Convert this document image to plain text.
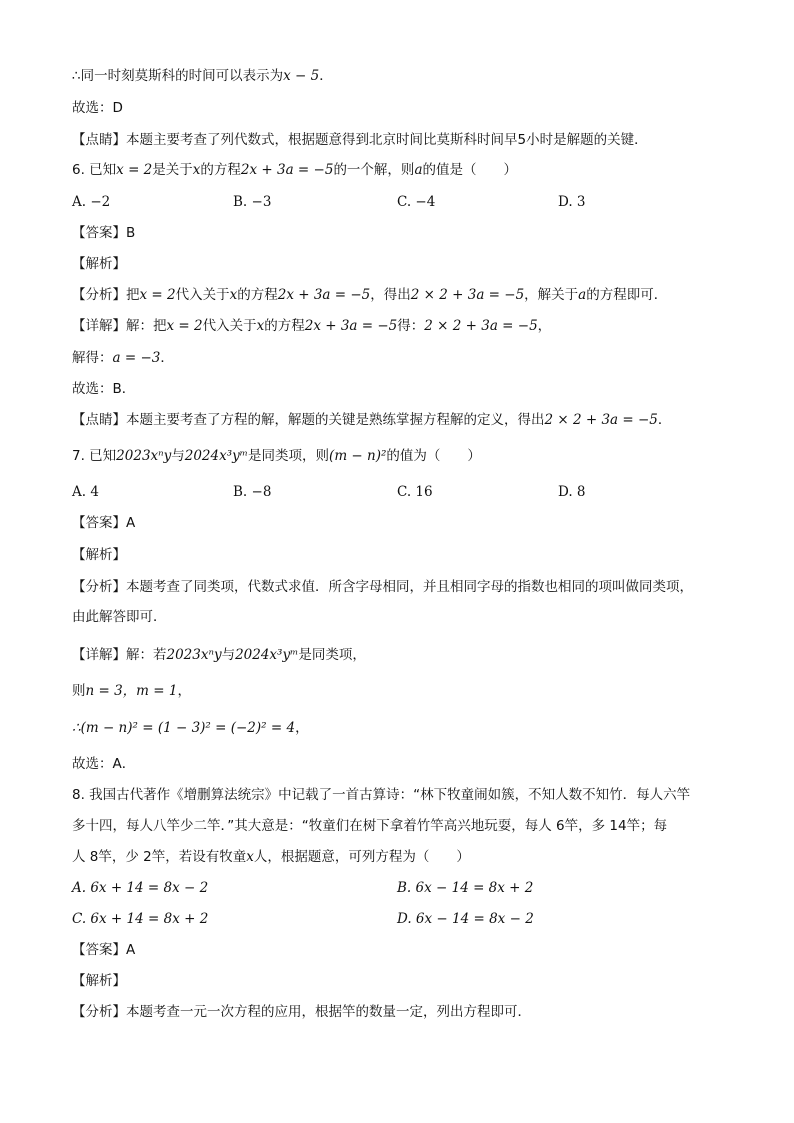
∴同一时刻莫斯科的时间可以表示为x − 5．
故选：D
【点睛】本题主要考查了列代数式，根据题意得到北京时间比莫斯科时间早5小时是解题的关键．
6. 已知x = 2是关于x的方程2x + 3a = −5的一个解，则a的值是（　　）
A. −2	B. −3	C. −4	D. 3
【答案】B
【解析】
【分析】把x = 2代入关于x的方程2x + 3a = −5，得出2 × 2 + 3a = −5，解关于a的方程即可．
【详解】解：把x = 2代入关于x的方程2x + 3a = −5得：2 × 2 + 3a = −5，
解得：a = −3．
故选：B．
【点睛】本题主要考查了方程的解，解题的关键是熟练掌握方程解的定义，得出2 × 2 + 3a = −5．
7. 已知2023xⁿy与2024x³yᵐ是同类项，则(m − n)²的值为（　　）
A. 4	B. −8	C. 16	D. 8
【答案】A
【解析】
【分析】本题考查了同类项，代数式求值．所含字母相同，并且相同字母的指数也相同的项叫做同类项，
由此解答即可．
【详解】解：若2023xⁿy与2024x³yᵐ是同类项，
则n = 3，m = 1，
∴(m − n)² = (1 − 3)² = (−2)² = 4，
故选：A．
8. 我国古代著作《增删算法统宗》中记载了一首古算诗：“林下牧童闹如簇，不知人数不知竹．每人六竿
多十四，每人八竿少二竿．”其大意是：“牧童们在树下拿着竹竿高兴地玩耍，每人 6竿，多 14竿；每
人 8竿，少 2竿，若设有牧童x人，根据题意，可列方程为（　　）
A. 6x + 14 = 8x − 2	B. 6x − 14 = 8x + 2
C. 6x + 14 = 8x + 2	D. 6x − 14 = 8x − 2
【答案】A
【解析】
【分析】本题考查一元一次方程的应用，根据竿的数量一定，列出方程即可．
